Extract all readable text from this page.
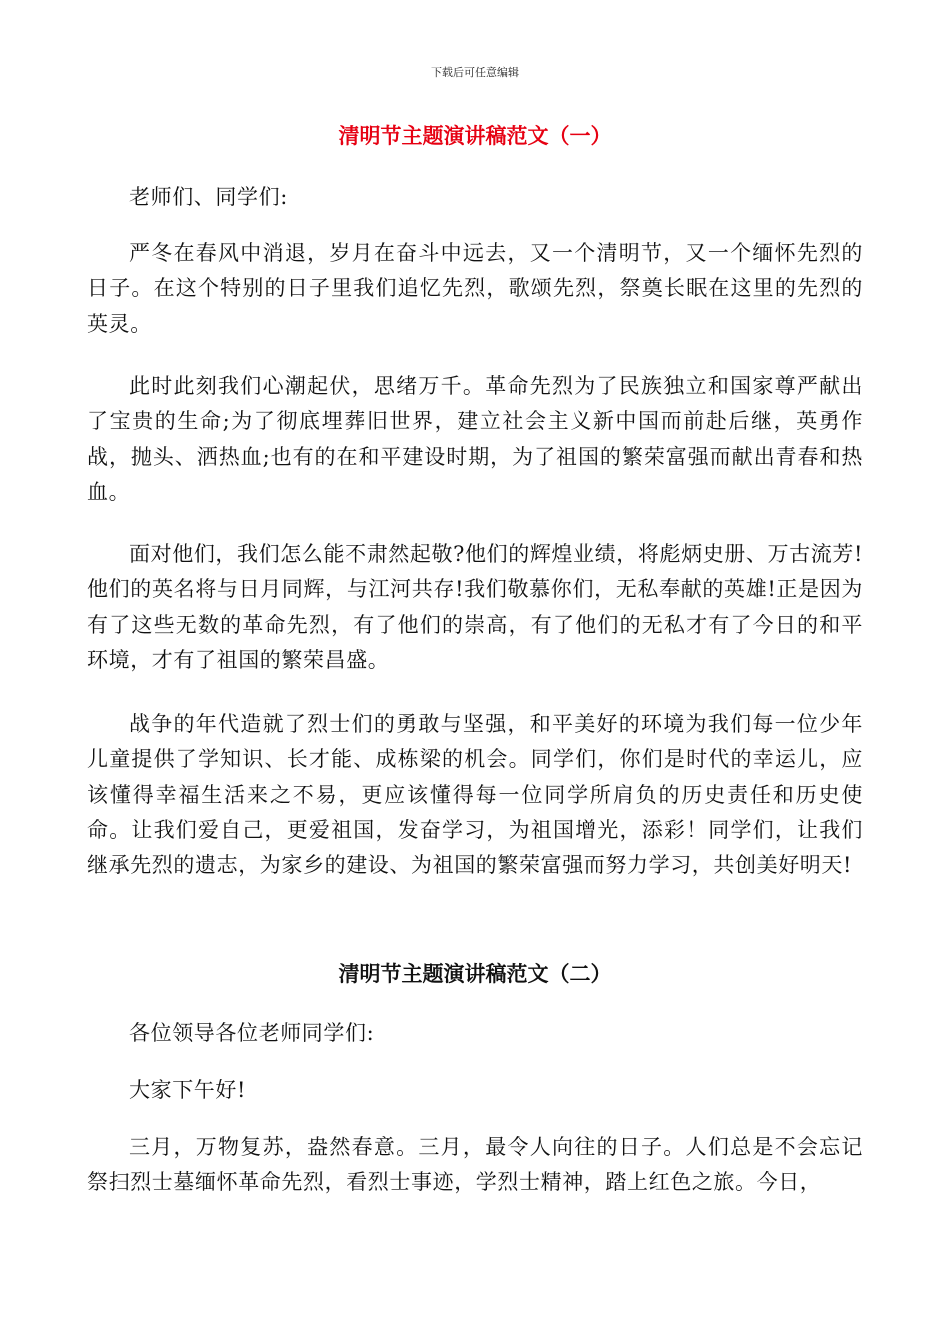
下载后可任意编辑
清明节主题演讲稿范文（一）

老师们、同学们:

严冬在春风中消退，岁月在奋斗中远去，又一个清明节，又一个缅怀先烈的日子。在这个特别的日子里我们追忆先烈，歌颂先烈，祭奠长眠在这里的先烈的英灵。

此时此刻我们心潮起伏，思绪万千。革命先烈为了民族独立和国家尊严献出了宝贵的生命;为了彻底埋葬旧世界，建立社会主义新中国而前赴后继，英勇作战，抛头、洒热血;也有的在和平建设时期，为了祖国的繁荣富强而献出青春和热血。

面对他们，我们怎么能不肃然起敬?他们的辉煌业绩，将彪炳史册、万古流芳!他们的英名将与日月同辉，与江河共存!我们敬慕你们，无私奉献的英雄!正是因为有了这些无数的革命先烈，有了他们的崇高，有了他们的无私才有了今日的和平环境，才有了祖国的繁荣昌盛。

战争的年代造就了烈士们的勇敢与坚强，和平美好的环境为我们每一位少年儿童提供了学知识、长才能、成栋梁的机会。同学们，你们是时代的幸运儿，应该懂得幸福生活来之不易，更应该懂得每一位同学所肩负的历史责任和历史使命。让我们爱自己，更爱祖国，发奋学习，为祖国增光，添彩！同学们，让我们继承先烈的遗志，为家乡的建设、为祖国的繁荣富强而努力学习，共创美好明天!

清明节主题演讲稿范文（二）

各位领导各位老师同学们:

大家下午好!

三月，万物复苏，盎然春意。三月，最令人向往的日子。人们总是不会忘记祭扫烈士墓缅怀革命先烈，看烈士事迹，学烈士精神，踏上红色之旅。今日，
